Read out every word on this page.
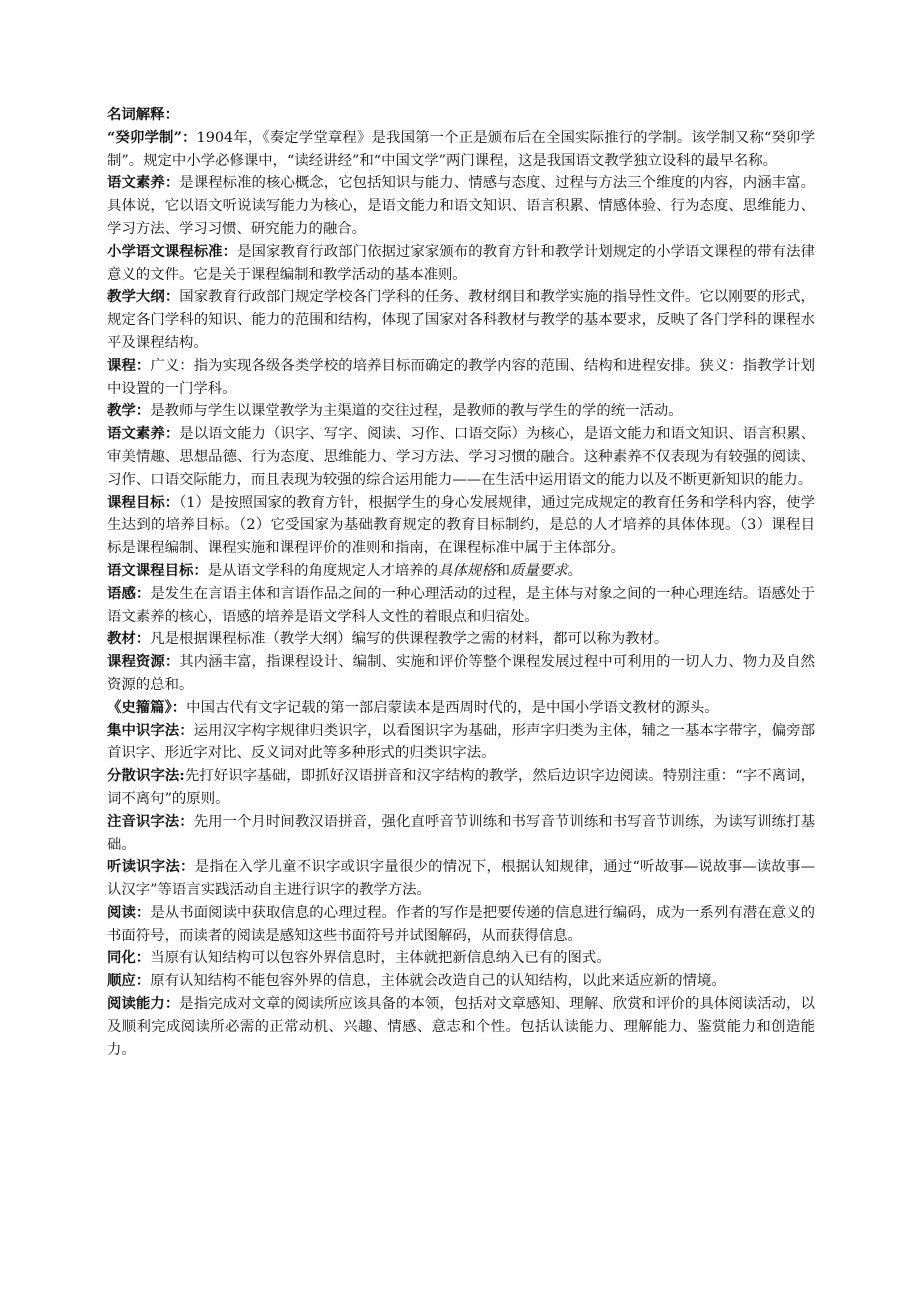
名词解释：

“癸卯学制”：1904年，《奏定学堂章程》是我国第一个正是颁布后在全国实际推行的学制。该学制又称“癸卯学制”。规定中小学必修课中，“读经讲经”和“中国文学”两门课程，这是我国语文教学独立设科的最早名称。

语文素养：是课程标准的核心概念，它包括知识与能力、情感与态度、过程与方法三个维度的内容，内涵丰富。具体说，它以语文听说读写能力为核心，是语文能力和语文知识、语言积累、情感体验、行为态度、思维能力、学习方法、学习习惯、研究能力的融合。

小学语文课程标准：是国家教育行政部门依据过家家颁布的教育方针和教学计划规定的小学语文课程的带有法律意义的文件。它是关于课程编制和教学活动的基本准则。

教学大纲：国家教育行政部门规定学校各门学科的任务、教材纲目和教学实施的指导性文件。它以刚要的形式，规定各门学科的知识、能力的范围和结构，体现了国家对各科教材与教学的基本要求，反映了各门学科的课程水平及课程结构。

课程：广义：指为实现各级各类学校的培养目标而确定的教学内容的范围、结构和进程安排。狭义：指教学计划中设置的一门学科。

教学：是教师与学生以课堂教学为主渠道的交往过程，是教师的教与学生的学的统一活动。

语文素养：是以语文能力（识字、写字、阅读、习作、口语交际）为核心，是语文能力和语文知识、语言积累、审美情趣、思想品德、行为态度、思维能力、学习方法、学习习惯的融合。这种素养不仅表现为有较强的阅读、习作、口语交际能力，而且表现为较强的综合运用能力——在生活中运用语文的能力以及不断更新知识的能力。

课程目标：（1）是按照国家的教育方针，根据学生的身心发展规律，通过完成规定的教育任务和学科内容，使学生达到的培养目标。（2）它受国家为基础教育规定的教育目标制约，是总的人才培养的具体体现。（3）课程目标是课程编制、课程实施和课程评价的准则和指南，在课程标准中属于主体部分。

语文课程目标：是从语文学科的角度规定人才培养的具体规格和质量要求。

语感：是发生在言语主体和言语作品之间的一种心理活动的过程，是主体与对象之间的一种心理连结。语感处于语文素养的核心，语感的培养是语文学科人文性的着眼点和归宿处。

教材：凡是根据课程标准（教学大纲）编写的供课程教学之需的材料，都可以称为教材。

课程资源：其内涵丰富，指课程设计、编制、实施和评价等整个课程发展过程中可利用的一切人力、物力及自然资源的总和。

《史籀篇》：中国古代有文字记载的第一部启蒙读本是西周时代的，是中国小学语文教材的源头。

集中识字法：运用汉字构字规律归类识字，以看图识字为基础，形声字归类为主体，辅之一基本字带字，偏旁部首识字、形近字对比、反义词对此等多种形式的归类识字法。

分散识字法:先打好识字基础，即抓好汉语拼音和汉字结构的教学，然后边识字边阅读。特别注重：“字不离词，词不离句”的原则。

注音识字法：先用一个月时间教汉语拼音，强化直呼音节训练和书写音节训练和书写音节训练，为读写训练打基础。

听读识字法：是指在入学儿童不识字或识字量很少的情况下，根据认知规律，通过“听故事—说故事—读故事—认汉字”等语言实践活动自主进行识字的教学方法。

阅读：是从书面阅读中获取信息的心理过程。作者的写作是把要传递的信息进行编码，成为一系列有潜在意义的书面符号，而读者的阅读是感知这些书面符号并试图解码，从而获得信息。

同化：当原有认知结构可以包容外界信息时，主体就把新信息纳入已有的图式。

顺应：原有认知结构不能包容外界的信息，主体就会改造自己的认知结构，以此来适应新的情境。

阅读能力：是指完成对文章的阅读所应该具备的本领，包括对文章感知、理解、欣赏和评价的具体阅读活动，以及顺利完成阅读所必需的正常动机、兴趣、情感、意志和个性。包括认读能力、理解能力、鉴赏能力和创造能力。
